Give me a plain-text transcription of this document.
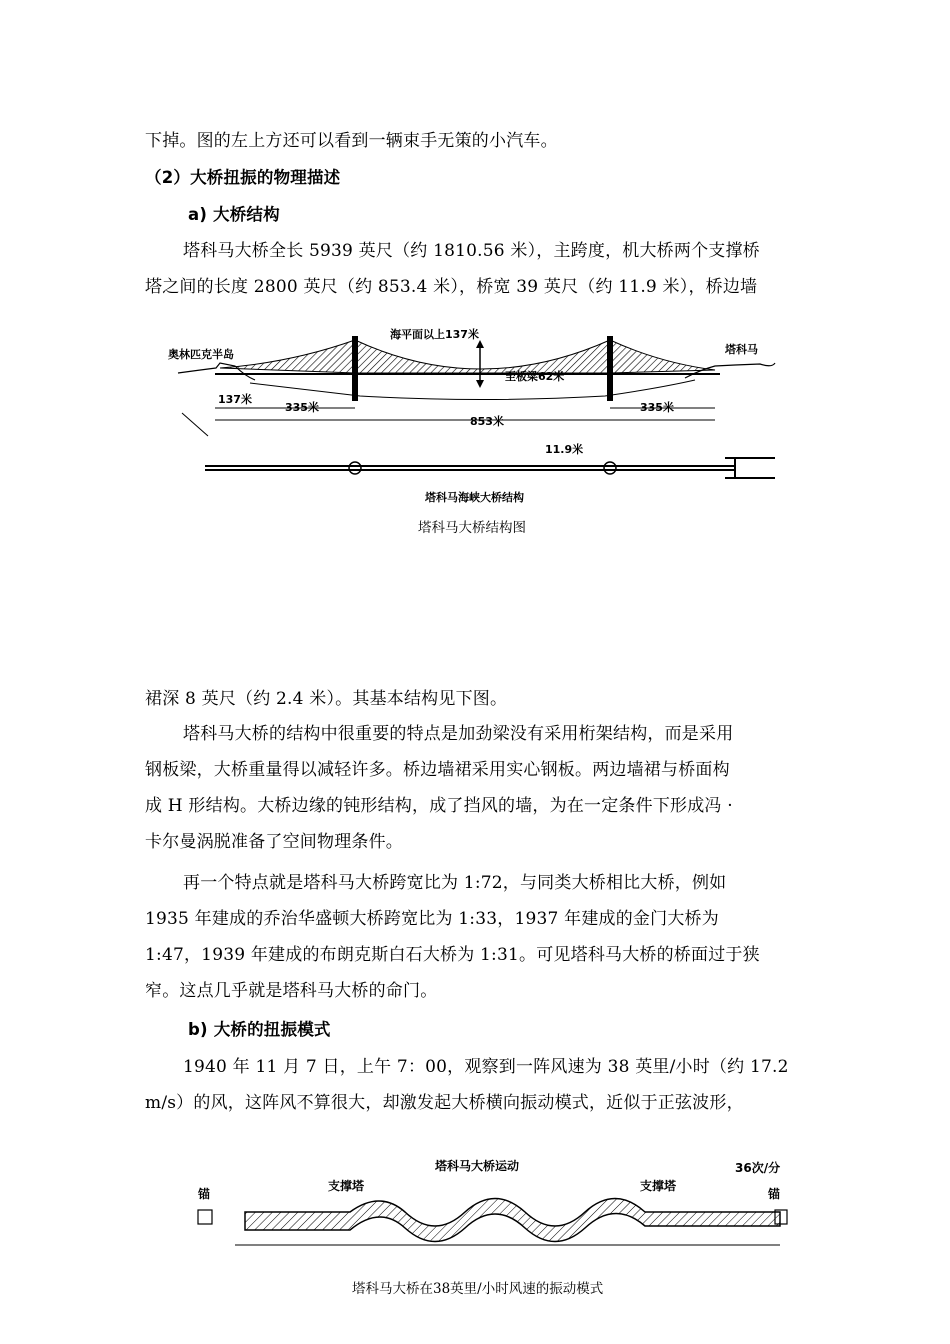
下掉。图的左上方还可以看到一辆束手无策的小汽车。
（2）大桥扭振的物理描述
a) 大桥结构
塔科马大桥全长 5939 英尺（约 1810.56 米），主跨度，机大桥两个支撑桥
塔之间的长度 2800 英尺（约 853.4 米），桥宽 39 英尺（约 11.9 米），桥边墙
海平面以上137米
至板梁62米
奥林匹克半岛	塔科马
137米
335米	335米
853米
11.9米
塔科马海峡大桥结构
塔科马大桥结构图
裙深 8 英尺（约 2.4 米）。其基本结构见下图。
塔科马大桥的结构中很重要的特点是加劲梁没有采用桁架结构，而是采用
钢板梁，大桥重量得以减轻许多。桥边墙裙采用实心钢板。两边墙裙与桥面构
成 H 形结构。大桥边缘的钝形结构，成了挡风的墙，为在一定条件下形成冯 ·
卡尔曼涡脱准备了空间物理条件。
再一个特点就是塔科马大桥跨宽比为 1:72，与同类大桥相比大桥，例如
1935 年建成的乔治华盛顿大桥跨宽比为 1:33，1937 年建成的金门大桥为
1:47，1939 年建成的布朗克斯白石大桥为 1:31。可见塔科马大桥的桥面过于狭
窄。这点几乎就是塔科马大桥的命门。
b) 大桥的扭振模式
1940 年 11 月 7 日，上午 7：00，观察到一阵风速为 38 英里/小时（约 17.2
m/s）的风，这阵风不算很大，却激发起大桥横向振动模式，近似于正弦波形，
塔科马大桥运动	36次/分
锚	锚
支撑塔	支撑塔
塔科马大桥在38英里/小时风速的振动模式
